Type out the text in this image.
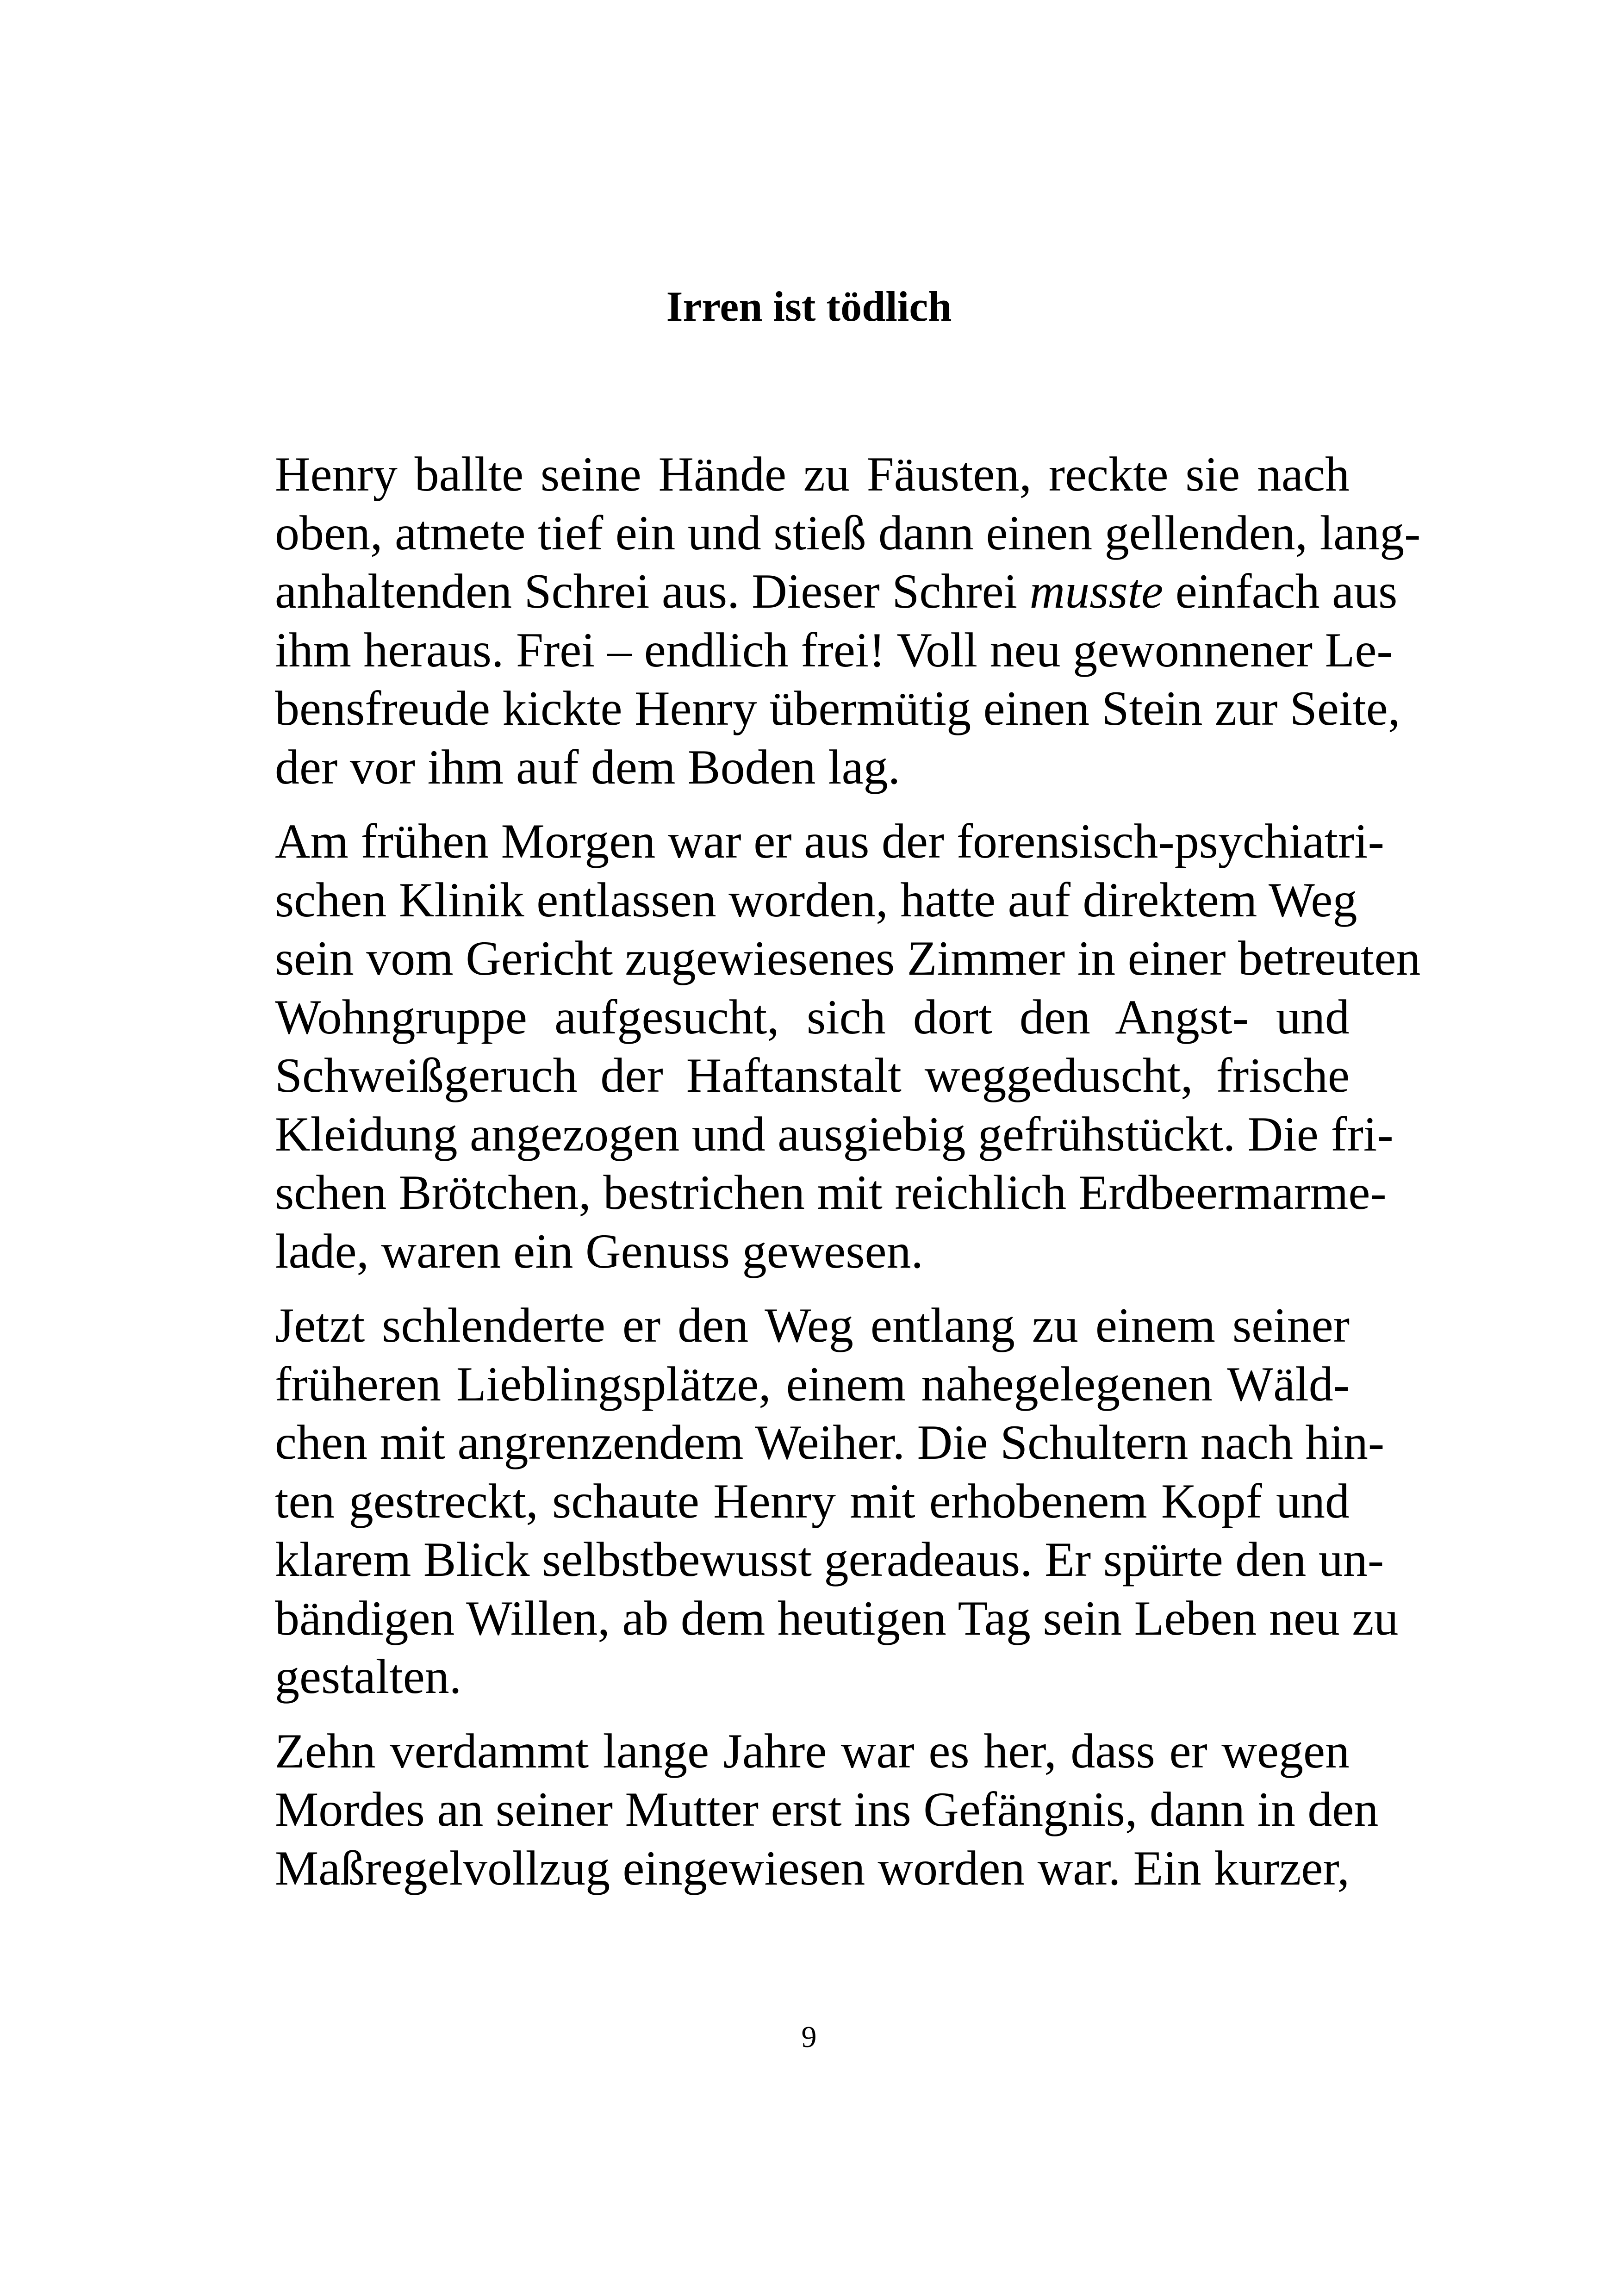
Irren ist tödlich
Henry ballte seine Hände zu Fäusten, reckte sie nach
oben, atmete tief ein und stieß dann einen gellenden, lang-
anhaltenden Schrei aus. Dieser Schrei musste einfach aus
ihm heraus. Frei – endlich frei! Voll neu gewonnener Le-
bensfreude kickte Henry übermütig einen Stein zur Seite,
der vor ihm auf dem Boden lag.
Am frühen Morgen war er aus der forensisch-psychiatri-
schen Klinik entlassen worden, hatte auf direktem Weg
sein vom Gericht zugewiesenes Zimmer in einer betreuten
Wohngruppe aufgesucht, sich dort den Angst- und
Schweißgeruch der Haftanstalt weggeduscht, frische
Kleidung angezogen und ausgiebig gefrühstückt. Die fri-
schen Brötchen, bestrichen mit reichlich Erdbeermarme-
lade, waren ein Genuss gewesen.
Jetzt schlenderte er den Weg entlang zu einem seiner
früheren Lieblingsplätze, einem nahegelegenen Wäld-
chen mit angrenzendem Weiher. Die Schultern nach hin-
ten gestreckt, schaute Henry mit erhobenem Kopf und
klarem Blick selbstbewusst geradeaus. Er spürte den un-
bändigen Willen, ab dem heutigen Tag sein Leben neu zu
gestalten.
Zehn verdammt lange Jahre war es her, dass er wegen
Mordes an seiner Mutter erst ins Gefängnis, dann in den
Maßregelvollzug eingewiesen worden war. Ein kurzer,
9
